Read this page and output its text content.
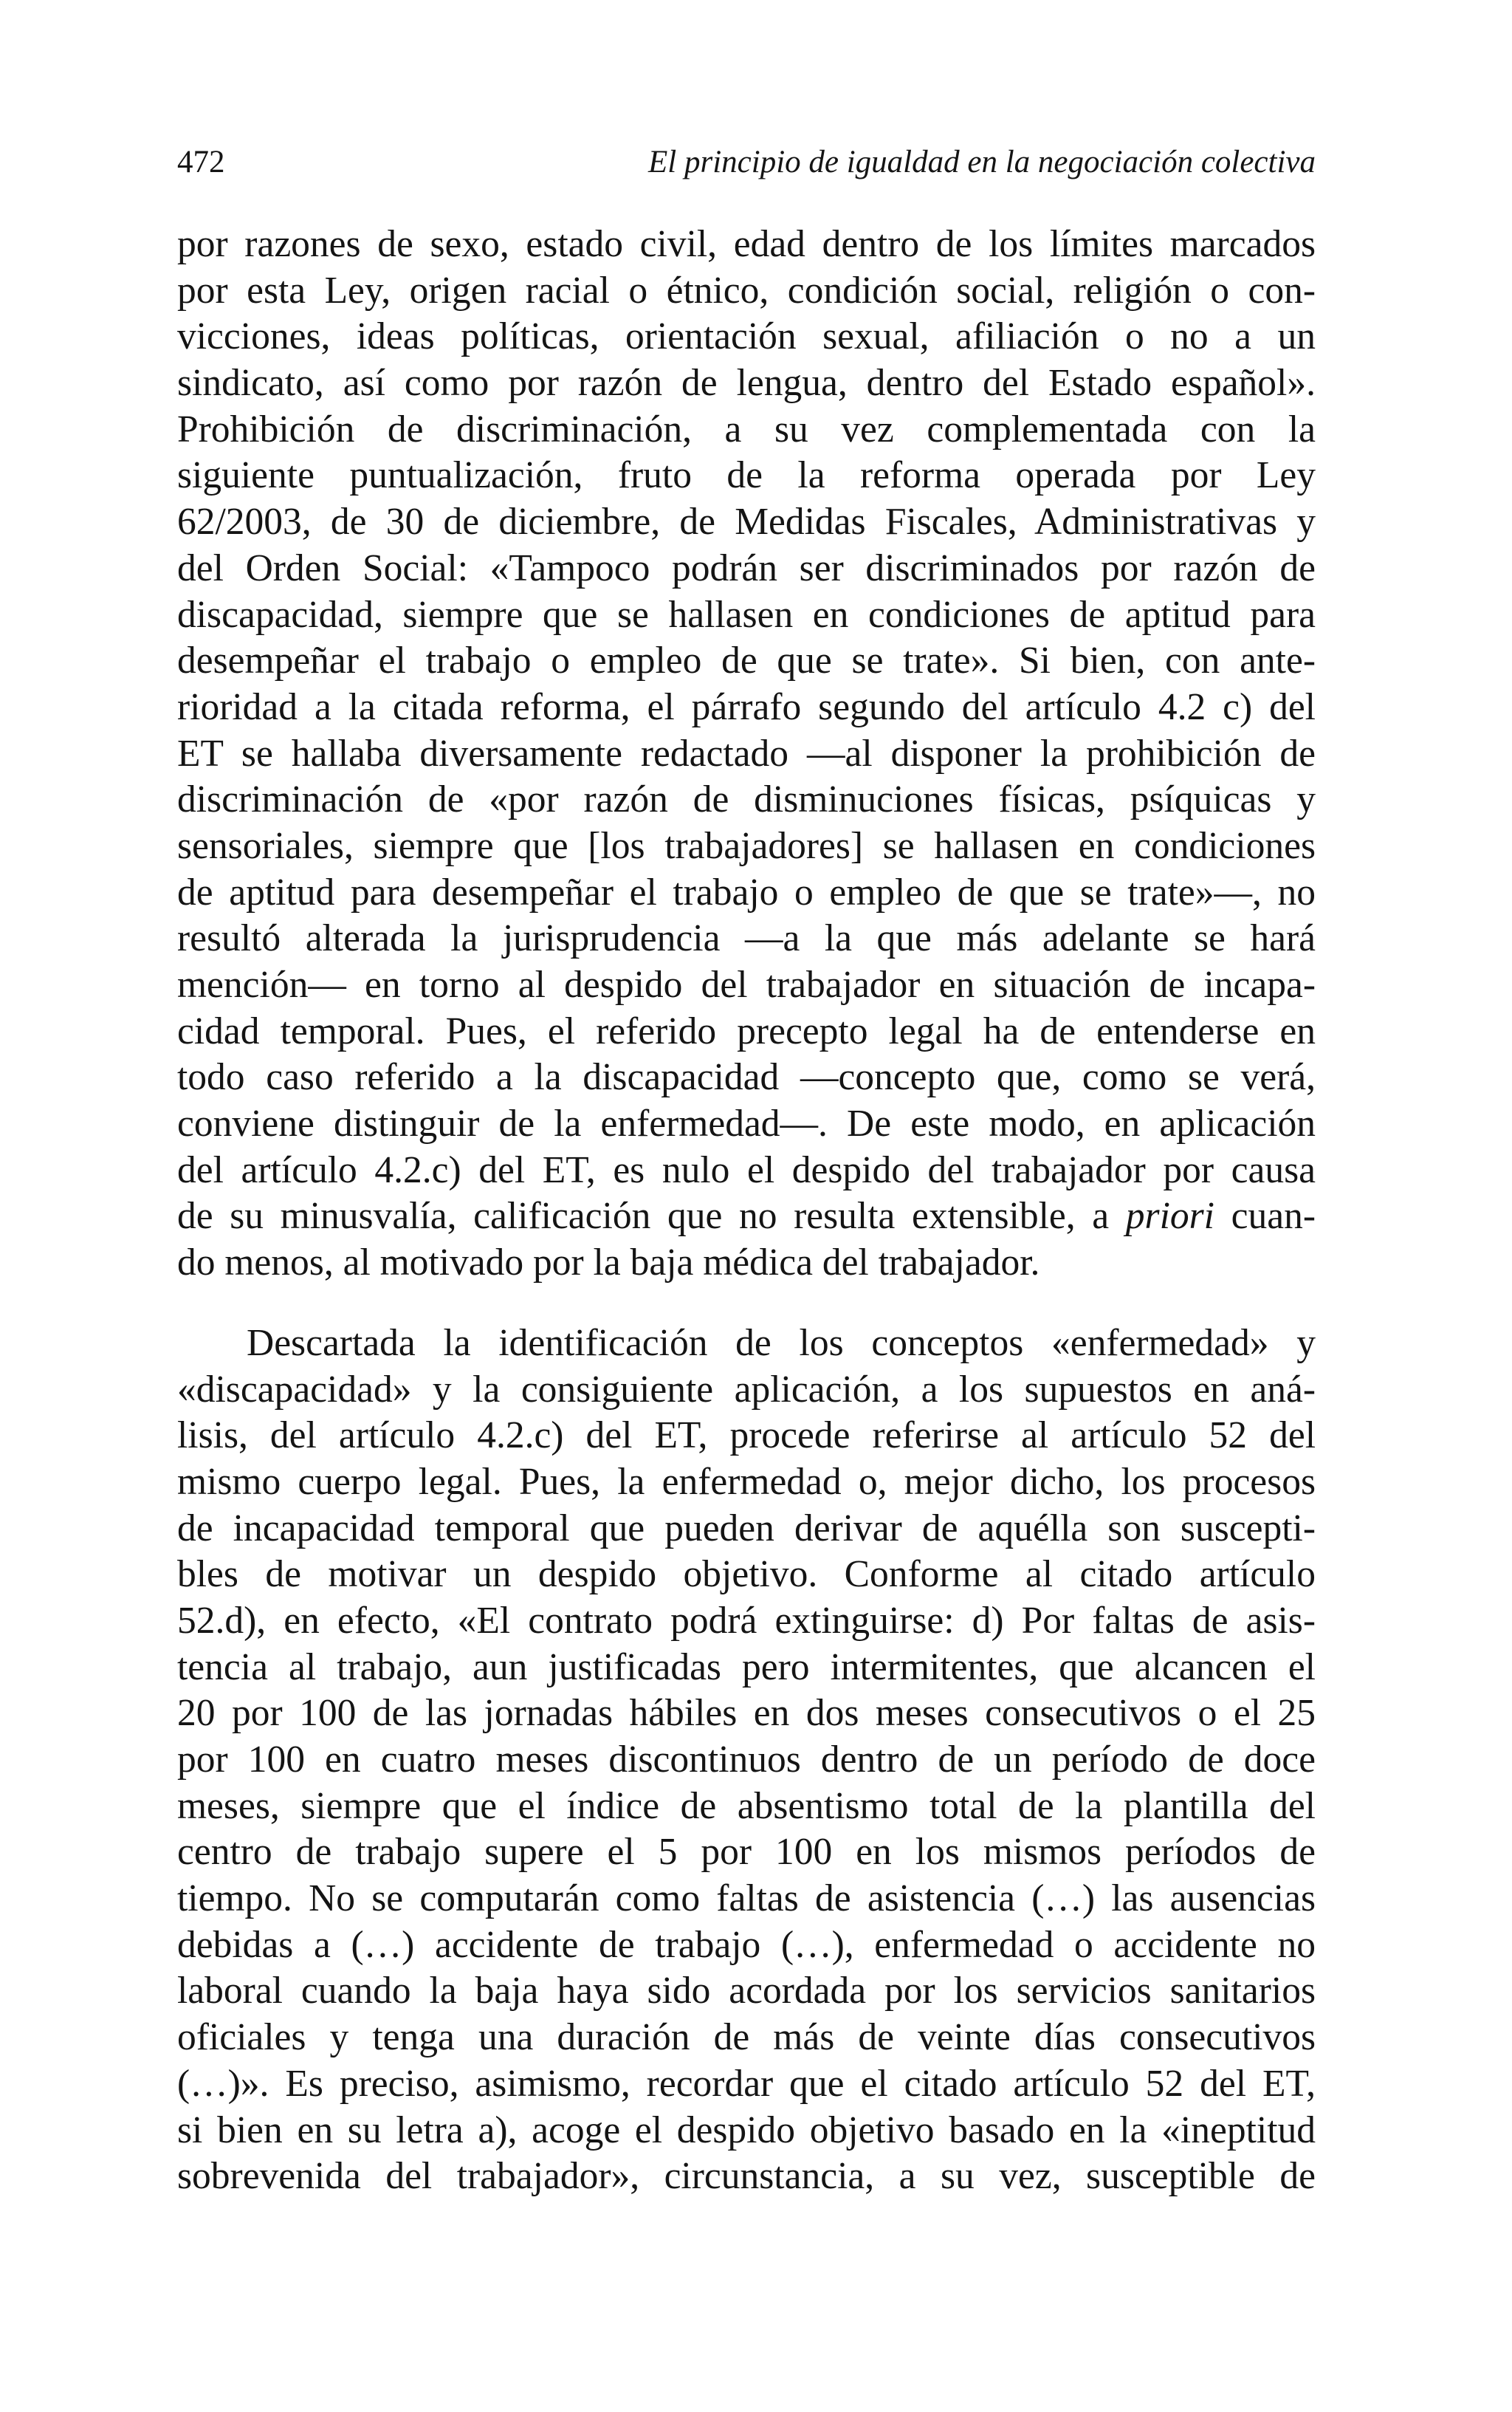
472	El principio de igualdad en la negociación colectiva
por razones de sexo, estado civil, edad dentro de los límites marcados
por esta Ley, origen racial o étnico, condición social, religión o con-
vicciones, ideas políticas, orientación sexual, afiliación o no a un
sindicato, así como por razón de lengua, dentro del Estado español».
Prohibición de discriminación, a su vez complementada con la
siguiente puntualización, fruto de la reforma operada por Ley
62/2003, de 30 de diciembre, de Medidas Fiscales, Administrativas y
del Orden Social: «Tampoco podrán ser discriminados por razón de
discapacidad, siempre que se hallasen en condiciones de aptitud para
desempeñar el trabajo o empleo de que se trate». Si bien, con ante-
rioridad a la citada reforma, el párrafo segundo del artículo 4.2 c) del
ET se hallaba diversamente redactado —al disponer la prohibición de
discriminación de «por razón de disminuciones físicas, psíquicas y
sensoriales, siempre que [los trabajadores] se hallasen en condiciones
de aptitud para desempeñar el trabajo o empleo de que se trate»—, no
resultó alterada la jurisprudencia —a la que más adelante se hará
mención— en torno al despido del trabajador en situación de incapa-
cidad temporal. Pues, el referido precepto legal ha de entenderse en
todo caso referido a la discapacidad —concepto que, como se verá,
conviene distinguir de la enfermedad—. De este modo, en aplicación
del artículo 4.2.c) del ET, es nulo el despido del trabajador por causa
de su minusvalía, calificación que no resulta extensible, a priori cuan-
do menos, al motivado por la baja médica del trabajador.
Descartada la identificación de los conceptos «enfermedad» y
«discapacidad» y la consiguiente aplicación, a los supuestos en aná-
lisis, del artículo 4.2.c) del ET, procede referirse al artículo 52 del
mismo cuerpo legal. Pues, la enfermedad o, mejor dicho, los procesos
de incapacidad temporal que pueden derivar de aquélla son suscepti-
bles de motivar un despido objetivo. Conforme al citado artículo
52.d), en efecto, «El contrato podrá extinguirse: d) Por faltas de asis-
tencia al trabajo, aun justificadas pero intermitentes, que alcancen el
20 por 100 de las jornadas hábiles en dos meses consecutivos o el 25
por 100 en cuatro meses discontinuos dentro de un período de doce
meses, siempre que el índice de absentismo total de la plantilla del
centro de trabajo supere el 5 por 100 en los mismos períodos de
tiempo. No se computarán como faltas de asistencia (…) las ausencias
debidas a (…) accidente de trabajo (…), enfermedad o accidente no
laboral cuando la baja haya sido acordada por los servicios sanitarios
oficiales y tenga una duración de más de veinte días consecutivos
(…)». Es preciso, asimismo, recordar que el citado artículo 52 del ET,
si bien en su letra a), acoge el despido objetivo basado en la «ineptitud
sobrevenida del trabajador», circunstancia, a su vez, susceptible de
